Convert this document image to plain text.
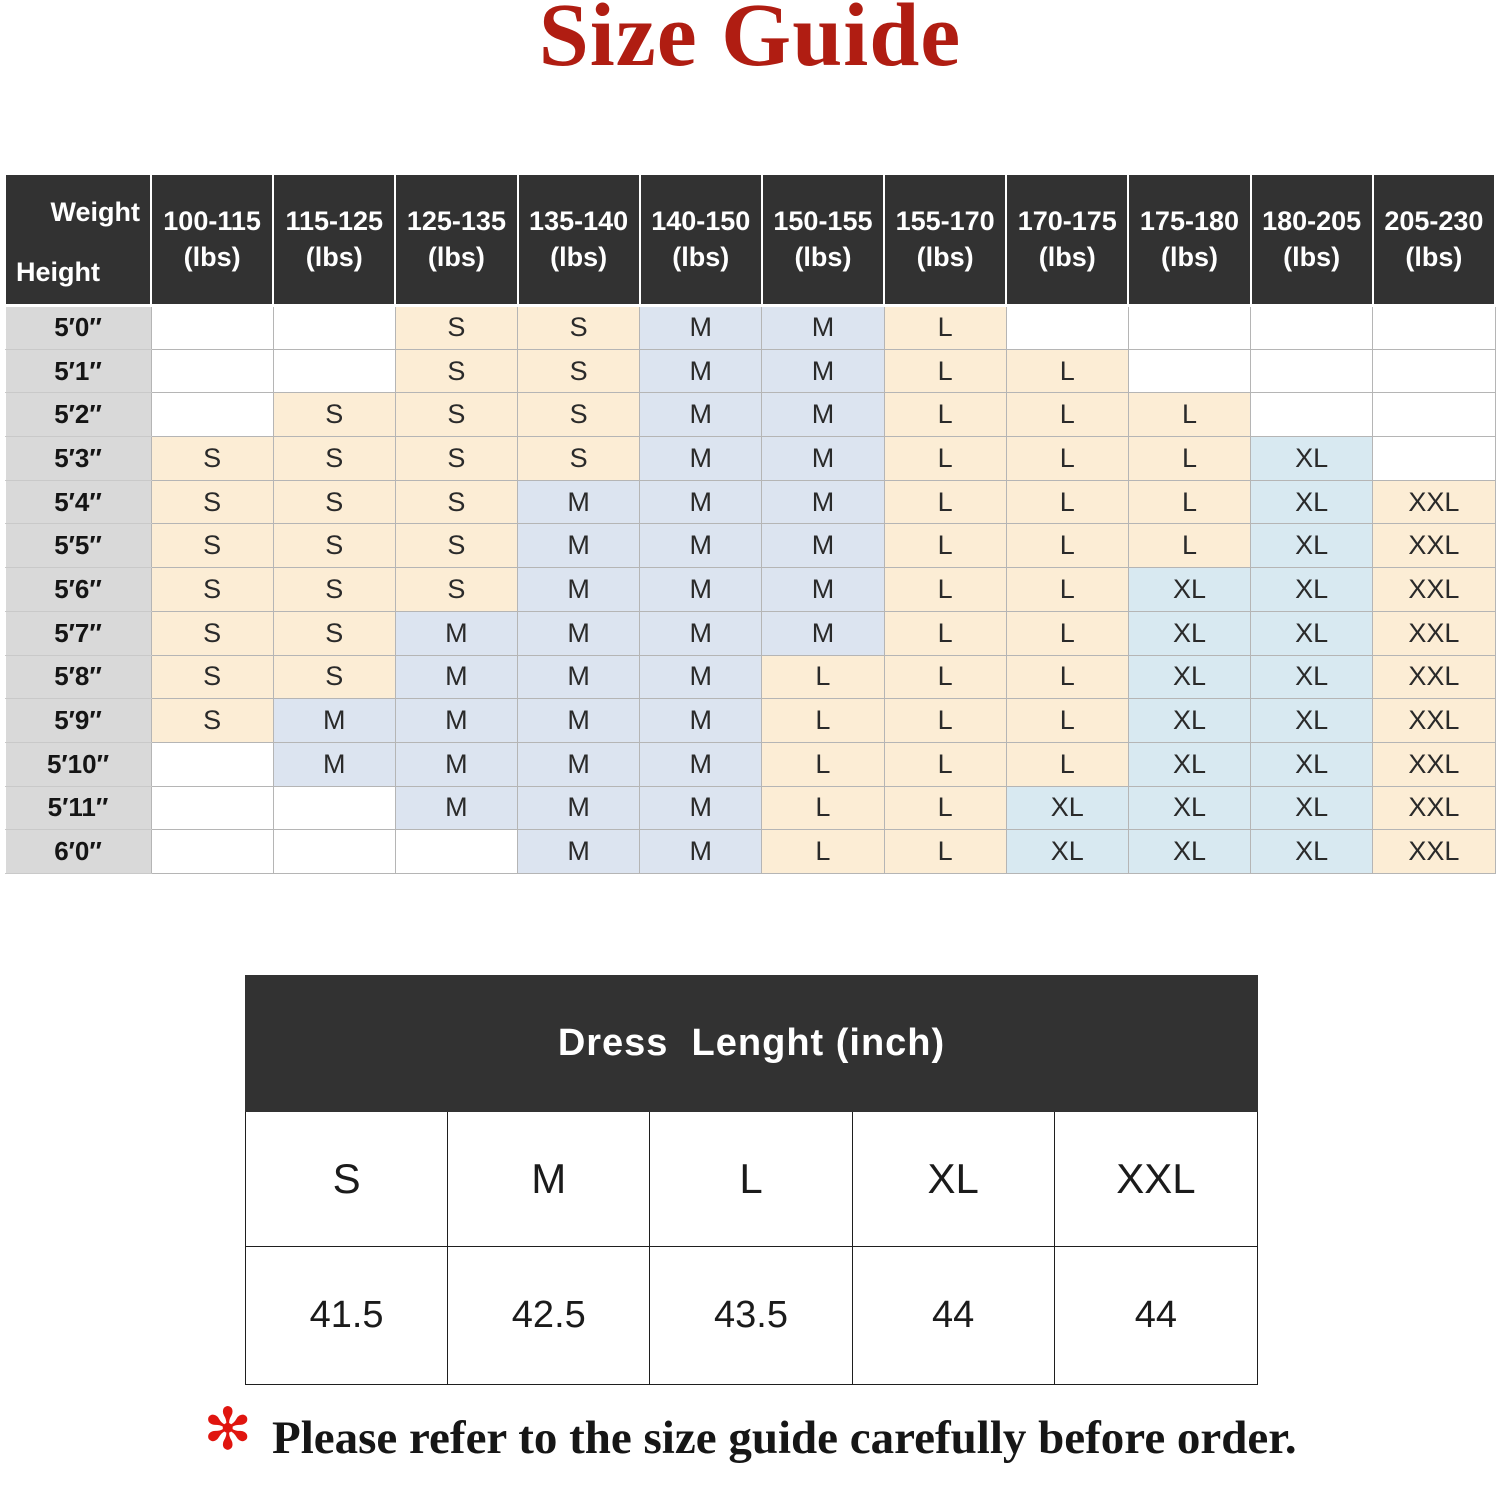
Size Guide
Weight
Height

100-115
(lbs)

115-125
(lbs)

125-135
(lbs)

135-140
(lbs)

140-150
(lbs)

150-155
(lbs)

155-170
(lbs)

170-175
(lbs)

175-180
(lbs)

180-205
(lbs)

205-230
(lbs)

5′0″			S	S	M	M	L				
5′1″			S	S	M	M	L	L			
5′2″		S	S	S	M	M	L	L	L		
5′3″	S	S	S	S	M	M	L	L	L	XL	
5′4″	S	S	S	M	M	M	L	L	L	XL	XXL
5′5″	S	S	S	M	M	M	L	L	L	XL	XXL
5′6″	S	S	S	M	M	M	L	L	XL	XL	XXL
5′7″	S	S	M	M	M	M	L	L	XL	XL	XXL
5′8″	S	S	M	M	M	L	L	L	XL	XL	XXL
5′9″	S	M	M	M	M	L	L	L	XL	XL	XXL
5′10″		M	M	M	M	L	L	L	XL	XL	XXL
5′11″			M	M	M	L	L	XL	XL	XL	XXL
6′0″				M	M	L	L	XL	XL	XL	XXL
Dress  Lenght (inch)
S	M	L	XL	XXL
41.5	42.5	43.5	44	44
✻ Please refer to the size guide carefully before order.
